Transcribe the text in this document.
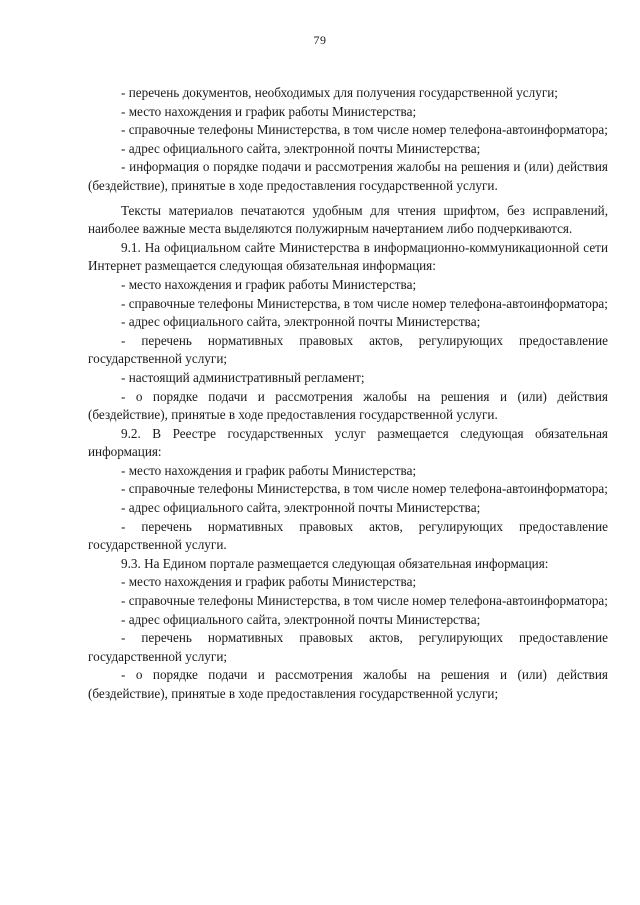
79

- перечень документов, необходимых для получения государственной услуги;

- место нахождения и график работы Министерства;

- справочные телефоны Министерства, в том числе номер телефона-автоинформатора;

- адрес официального сайта, электронной почты Министерства;

- информация о порядке подачи и рассмотрения жалобы на решения и (или) действия (бездействие), принятые в ходе предоставления государственной услуги.

Тексты материалов печатаются удобным для чтения шрифтом, без исправлений, наиболее важные места выделяются полужирным начертанием либо подчеркиваются.

9.1. На официальном сайте Министерства в информационно-коммуникационной сети Интернет размещается следующая обязательная информация:

- место нахождения и график работы Министерства;

- справочные телефоны Министерства, в том числе номер телефона-автоинформатора;

- адрес официального сайта, электронной почты Министерства;

- перечень нормативных правовых актов, регулирующих предоставление государственной услуги;

- настоящий административный регламент;

- о порядке подачи и рассмотрения жалобы на решения и (или) действия (бездействие), принятые в ходе предоставления государственной услуги.

9.2. В Реестре государственных услуг размещается следующая обязательная информация:

- место нахождения и график работы Министерства;

- справочные телефоны Министерства, в том числе номер телефона-автоинформатора;

- адрес официального сайта, электронной почты Министерства;

- перечень нормативных правовых актов, регулирующих предоставление государственной услуги.

9.3. На Едином портале размещается следующая обязательная информация:

- место нахождения и график работы Министерства;

- справочные телефоны Министерства, в том числе номер телефона-автоинформатора;

- адрес официального сайта, электронной почты Министерства;

- перечень нормативных правовых актов, регулирующих предоставление государственной услуги;

- о порядке подачи и рассмотрения жалобы на решения и (или) действия (бездействие), принятые в ходе предоставления государственной услуги;
